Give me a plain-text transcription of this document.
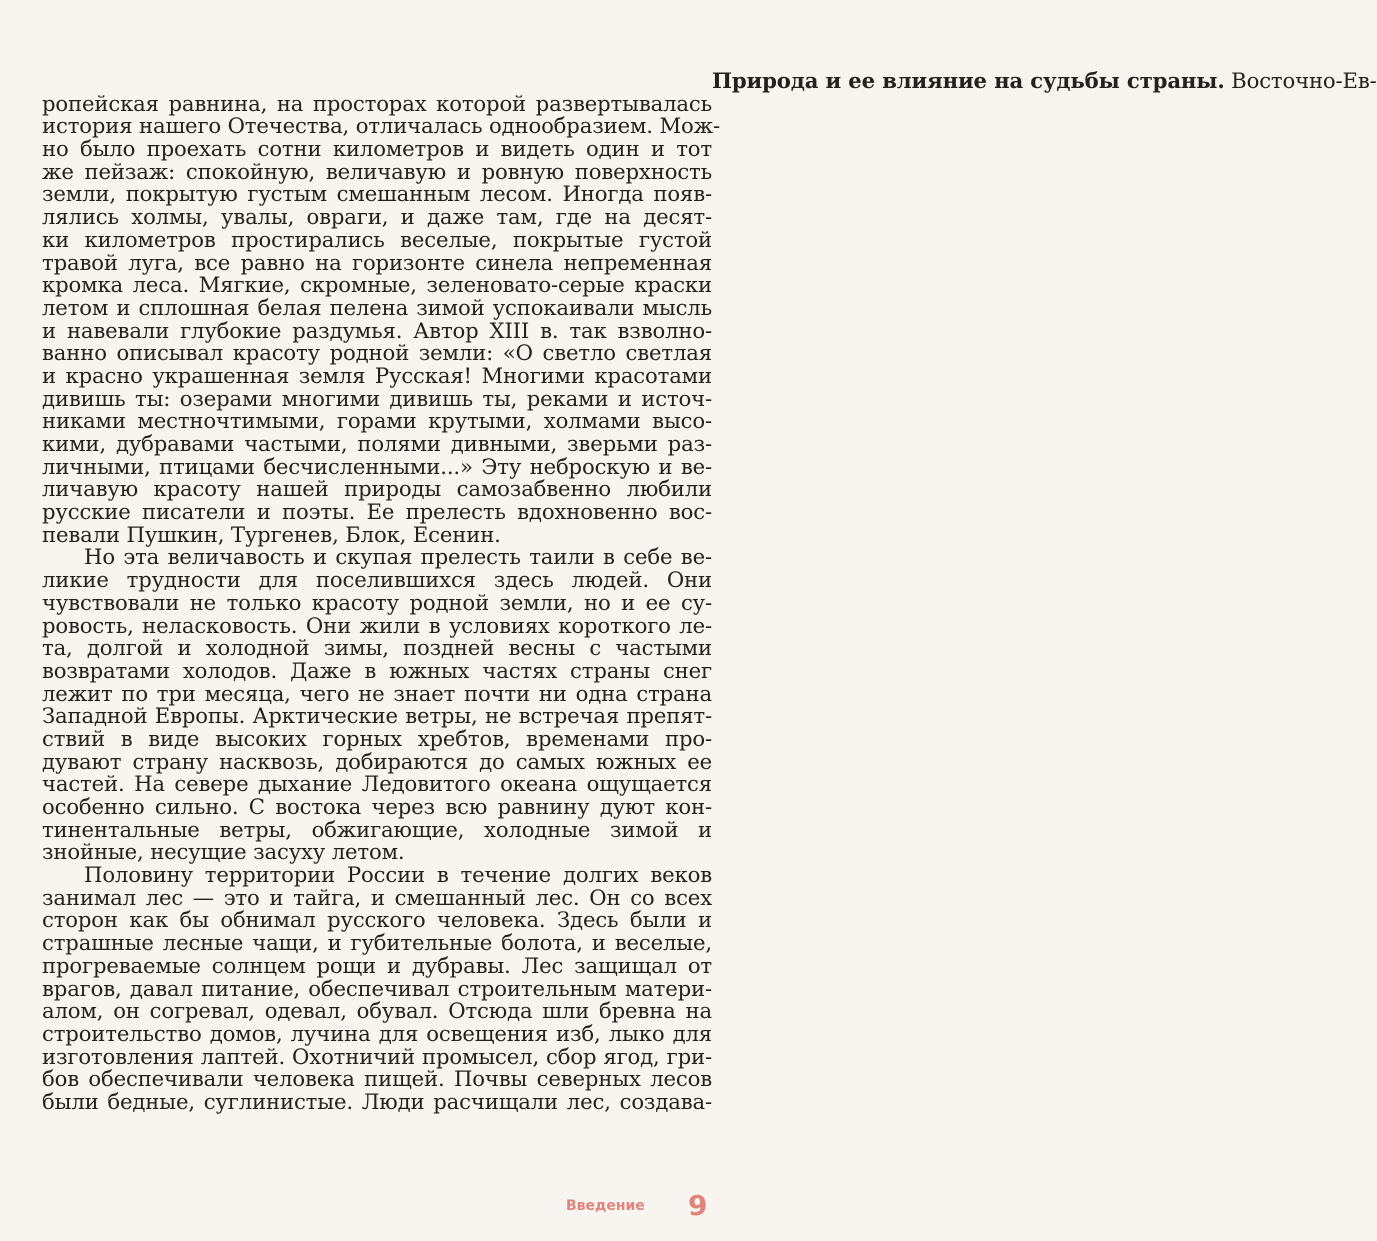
Природа и ее влияние на судьбы страны. Восточно-Ев-
ропейская равнина, на просторах которой развертывалась
история нашего Отечества, отличалась однообразием. Мож-
но было проехать сотни километров и видеть один и тот
же пейзаж: спокойную, величавую и ровную поверхность
земли, покрытую густым смешанным лесом. Иногда появ-
лялись холмы, увалы, овраги, и даже там, где на десят-
ки километров простирались веселые, покрытые густой
травой луга, все равно на горизонте синела непременная
кромка леса. Мягкие, скромные, зеленовато-серые краски
летом и сплошная белая пелена зимой успокаивали мысль
и навевали глубокие раздумья. Автор XIII в. так взволно-
ванно описывал красоту родной земли: «О светло светлая
и красно украшенная земля Русская! Многими красотами
дивишь ты: озерами многими дивишь ты, реками и источ-
никами местночтимыми, горами крутыми, холмами высо-
кими, дубравами частыми, полями дивными, зверьми раз-
личными, птицами бесчисленными...» Эту неброскую и ве-
личавую красоту нашей природы самозабвенно любили
русские писатели и поэты. Ее прелесть вдохновенно вос-
певали Пушкин, Тургенев, Блок, Есенин.
Но эта величавость и скупая прелесть таили в себе ве-
ликие трудности для поселившихся здесь людей. Они
чувствовали не только красоту родной земли, но и ее су-
ровость, неласковость. Они жили в условиях короткого ле-
та, долгой и холодной зимы, поздней весны с частыми
возвратами холодов. Даже в южных частях страны снег
лежит по три месяца, чего не знает почти ни одна страна
Западной Европы. Арктические ветры, не встречая препят-
ствий в виде высоких горных хребтов, временами про-
дувают страну насквозь, добираются до самых южных ее
частей. На севере дыхание Ледовитого океана ощущается
особенно сильно. С востока через всю равнину дуют кон-
тинентальные ветры, обжигающие, холодные зимой и
знойные, несущие засуху летом.
Половину территории России в течение долгих веков
занимал лес — это и тайга, и смешанный лес. Он со всех
сторон как бы обнимал русского человека. Здесь были и
страшные лесные чащи, и губительные болота, и веселые,
прогреваемые солнцем рощи и дубравы. Лес защищал от
врагов, давал питание, обеспечивал строительным матери-
алом, он согревал, одевал, обувал. Отсюда шли бревна на
строительство домов, лучина для освещения изб, лыко для
изготовления лаптей. Охотничий промысел, сбор ягод, гри-
бов обеспечивали человека пищей. Почвы северных лесов
были бедные, суглинистые. Люди расчищали лес, создава-
Введение 9
